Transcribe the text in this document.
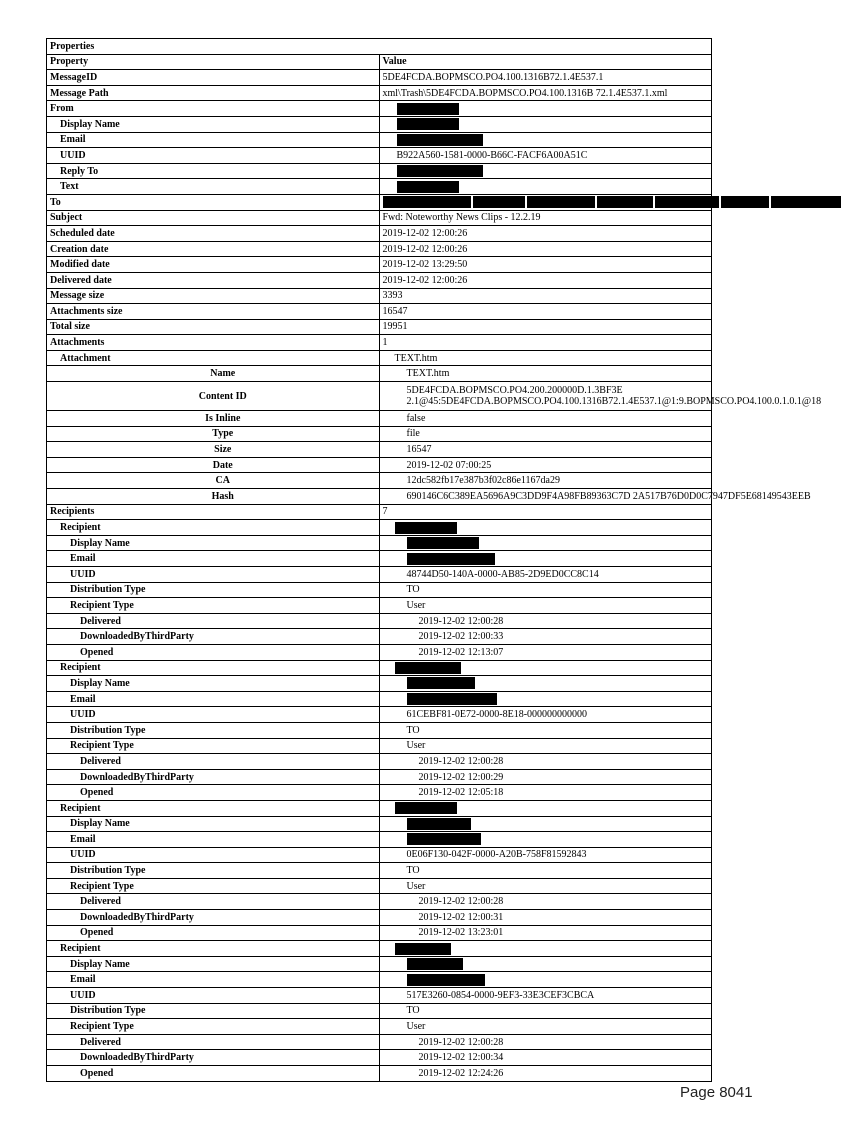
Properties	
Property	Value
MessageID	5DE4FCDA.BOPMSCO.PO4.100.1316B72.1.4E537.1
Message Path	xml\Trash\5DE4FCDA.BOPMSCO.PO4.100.1316B 72.1.4E537.1.xml
From	
Display Name	
Email	
UUID	B922A560-1581-0000-B66C-FACF6A00A51C
Reply To	
Text	
To	

Subject	Fwd: Noteworthy News Clips - 12.2.19
Scheduled date	2019-12-02 12:00:26
Creation date	2019-12-02 12:00:26
Modified date	2019-12-02 13:29:50
Delivered date	2019-12-02 12:00:26
Message size	3393
Attachments size	16547
Total size	19951
Attachments	1
Attachment	TEXT.htm
Name	TEXT.htm
Content ID	5DE4FCDA.BOPMSCO.PO4.200.200000D.1.3BF3E 2.1@45:5DE4FCDA.BOPMSCO.PO4.100.1316B72.1.4E537.1@1:9.BOPMSCO.PO4.100.0.1.0.1@18
Is Inline	false
Type	file
Size	16547
Date	2019-12-02 07:00:25
CA	12dc582fb17e387b3f02c86e1167da29
Hash	690146C6C389EA5696A9C3DD9F4A98FB89363C7D 2A517B76D0D0C7947DF5E68149543EEB
Recipients	7
Recipient	
Display Name	
Email	
UUID	48744D50-140A-0000-AB85-2D9ED0CC8C14
Distribution Type	TO
Recipient Type	User
Delivered	2019-12-02 12:00:28
DownloadedByThirdParty	2019-12-02 12:00:33
Opened	2019-12-02 12:13:07
Recipient	
Display Name	
Email	
UUID	61CEBF81-0E72-0000-8E18-000000000000
Distribution Type	TO
Recipient Type	User
Delivered	2019-12-02 12:00:28
DownloadedByThirdParty	2019-12-02 12:00:29
Opened	2019-12-02 12:05:18
Recipient	
Display Name	
Email	
UUID	0E06F130-042F-0000-A20B-758F81592843
Distribution Type	TO
Recipient Type	User
Delivered	2019-12-02 12:00:28
DownloadedByThirdParty	2019-12-02 12:00:31
Opened	2019-12-02 13:23:01
Recipient	
Display Name	
Email	
UUID	517E3260-0854-0000-9EF3-33E3CEF3CBCA
Distribution Type	TO
Recipient Type	User
Delivered	2019-12-02 12:00:28
DownloadedByThirdParty	2019-12-02 12:00:34
Opened	2019-12-02 12:24:26
Page 8041
